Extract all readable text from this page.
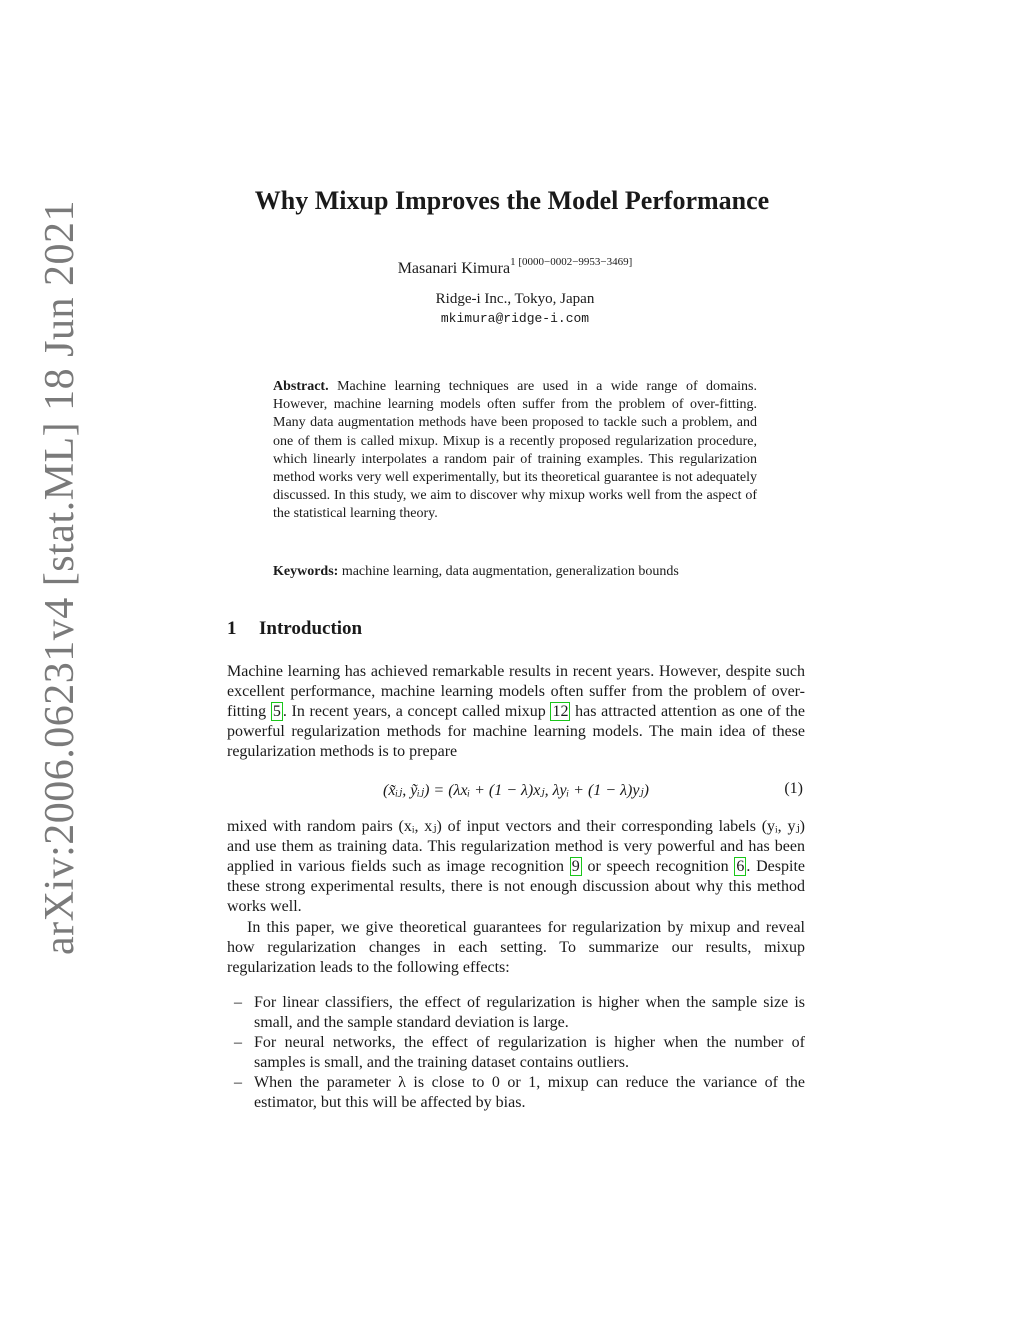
arXiv:2006.06231v4 [stat.ML] 18 Jun 2021	Why Mixup Improves the Model Performance
Masanari Kimura$^{1 [0000-0002-9953-3469]}$
Ridge-i Inc., Tokyo, Japan
mkimura@ridge-i.com
Abstract. Machine learning techniques are used in a wide range of domains. However, machine learning models often suffer from the problem of over-fitting. Many data augmentation methods have been proposed to tackle such a problem, and one of them is called mixup. Mixup is a recently proposed regularization procedure, which linearly interpolates a random pair of training examples. This regularization method works very well experimentally, but its theoretical guarantee is not adequately discussed. In this study, we aim to discover why mixup works well from the aspect of the statistical learning theory.
Keywords: machine learning, data augmentation, generalization bounds
1 Introduction
Machine learning has achieved remarkable results in recent years. However, despite such excellent performance, machine learning models often suffer from the problem of over-fitting 5 . In recent years, a concept called mixup 12 has attracted attention as one of the powerful regularization methods for machine learning models. The main idea of these regularization methods is to prepare
(x̃ᵢⱼ, ỹᵢⱼ) = (λxᵢ + (1 − λ)xⱼ, λyᵢ + (1 − λ)yⱼ)	(1)
mixed with random pairs (xᵢ, xⱼ) of input vectors and their corresponding labels (yᵢ, yⱼ) and use them as training data. This regularization method is very powerful and has been applied in various fields such as image recognition 9 or speech recognition 6 . Despite these strong experimental results, there is not enough discussion about why this method works well.
In this paper, we give theoretical guarantees for regularization by mixup and reveal how regularization changes in each setting. To summarize our results, mixup regularization leads to the following effects:
– For linear classifiers, the effect of regularization is higher when the sample size is small, and the sample standard deviation is large.
– For neural networks, the effect of regularization is higher when the number of samples is small, and the training dataset contains outliers.
– When the parameter λ is close to 0 or 1, mixup can reduce the variance of the estimator, but this will be affected by bias.
